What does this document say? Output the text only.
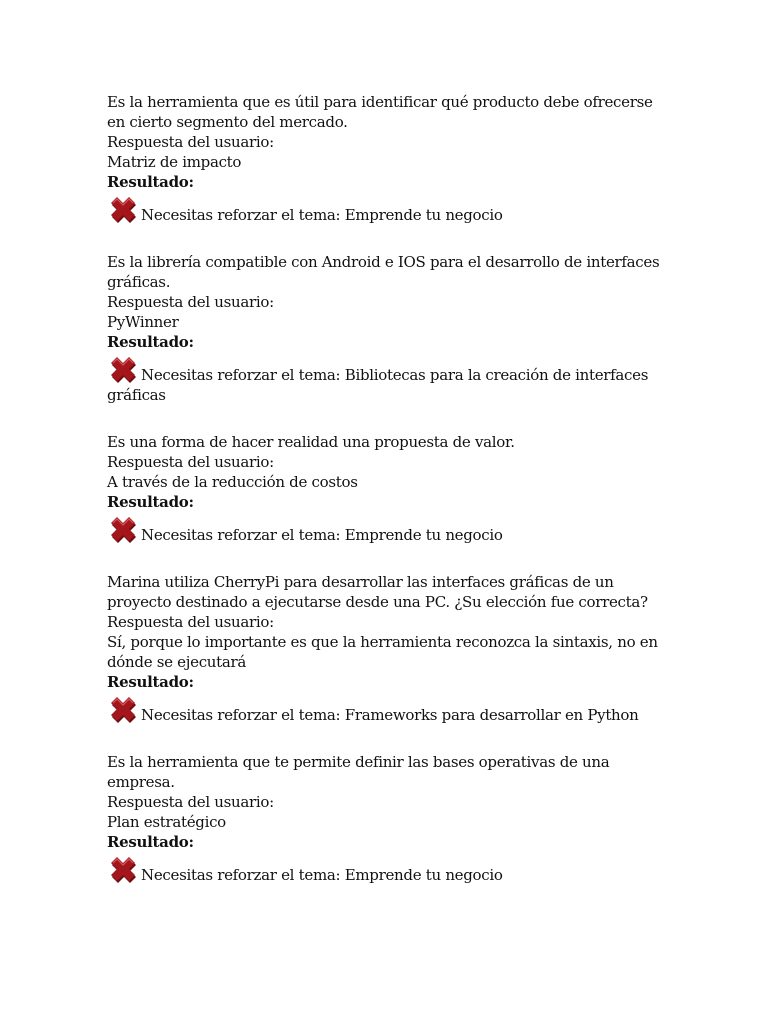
Es la herramienta que es útil para identificar qué producto debe ofrecerse en cierto segmento del mercado.
Respuesta del usuario:
Matriz de impacto
Resultado:
Necesitas reforzar el tema: Emprende tu negocio
Es la librería compatible con Android e IOS para el desarrollo de interfaces gráficas.
Respuesta del usuario:
PyWinner
Resultado:
Necesitas reforzar el tema: Bibliotecas para la creación de interfaces gráficas
Es una forma de hacer realidad una propuesta de valor.
Respuesta del usuario:
A través de la reducción de costos
Resultado:
Necesitas reforzar el tema: Emprende tu negocio
Marina utiliza CherryPi para desarrollar las interfaces gráficas de un proyecto destinado a ejecutarse desde una PC. ¿Su elección fue correcta?
Respuesta del usuario:
Sí, porque lo importante es que la herramienta reconozca la sintaxis, no en dónde se ejecutará
Resultado:
Necesitas reforzar el tema: Frameworks para desarrollar en Python
Es la herramienta que te permite definir las bases operativas de una empresa.
Respuesta del usuario:
Plan estratégico
Resultado:
Necesitas reforzar el tema: Emprende tu negocio
